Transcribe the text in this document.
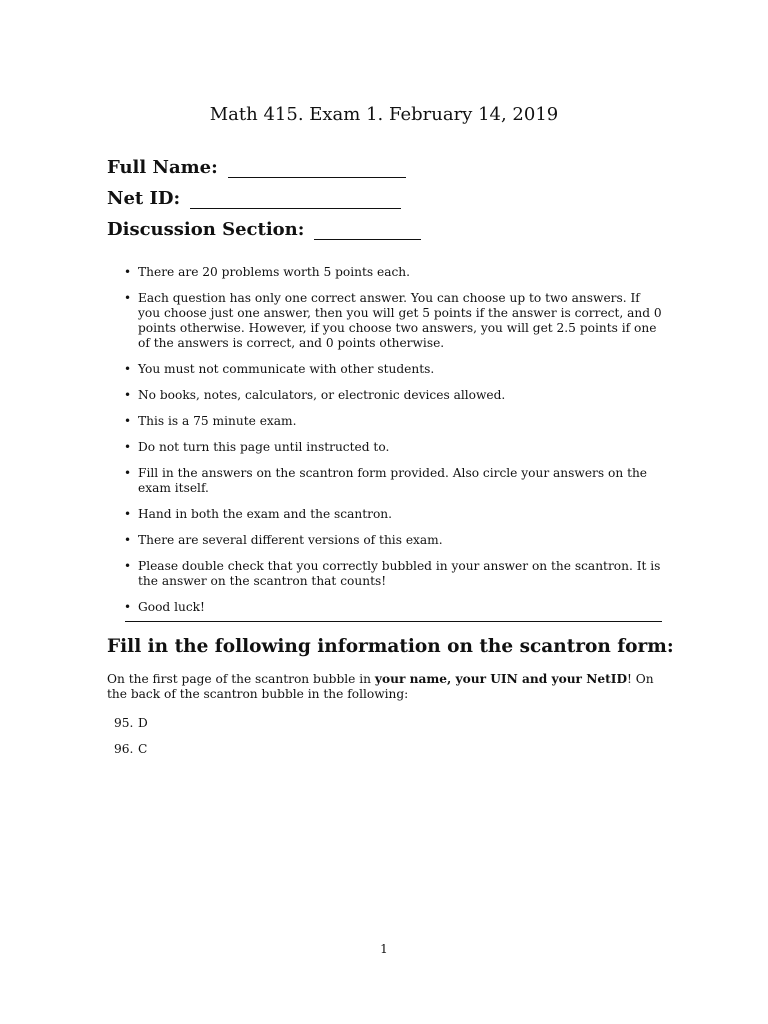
Math 415. Exam 1. February 14, 2019
Full Name:
Net ID:
Discussion Section:
• There are 20 problems worth 5 points each.
• Each question has only one correct answer. You can choose up to two answers. If you choose just one answer, then you will get 5 points if the answer is correct, and 0 points otherwise. However, if you choose two answers, you will get 2.5 points if one of the answers is correct, and 0 points otherwise.
• You must not communicate with other students.
• No books, notes, calculators, or electronic devices allowed.
• This is a 75 minute exam.
• Do not turn this page until instructed to.
• Fill in the answers on the scantron form provided. Also circle your answers on the exam itself.
• Hand in both the exam and the scantron.
• There are several different versions of this exam.
• Please double check that you correctly bubbled in your answer on the scantron. It is the answer on the scantron that counts!
• Good luck!
Fill in the following information on the scantron form:
On the first page of the scantron bubble in your name, your UIN and your NetID! On the back of the scantron bubble in the following:
95. D
96. C
1
